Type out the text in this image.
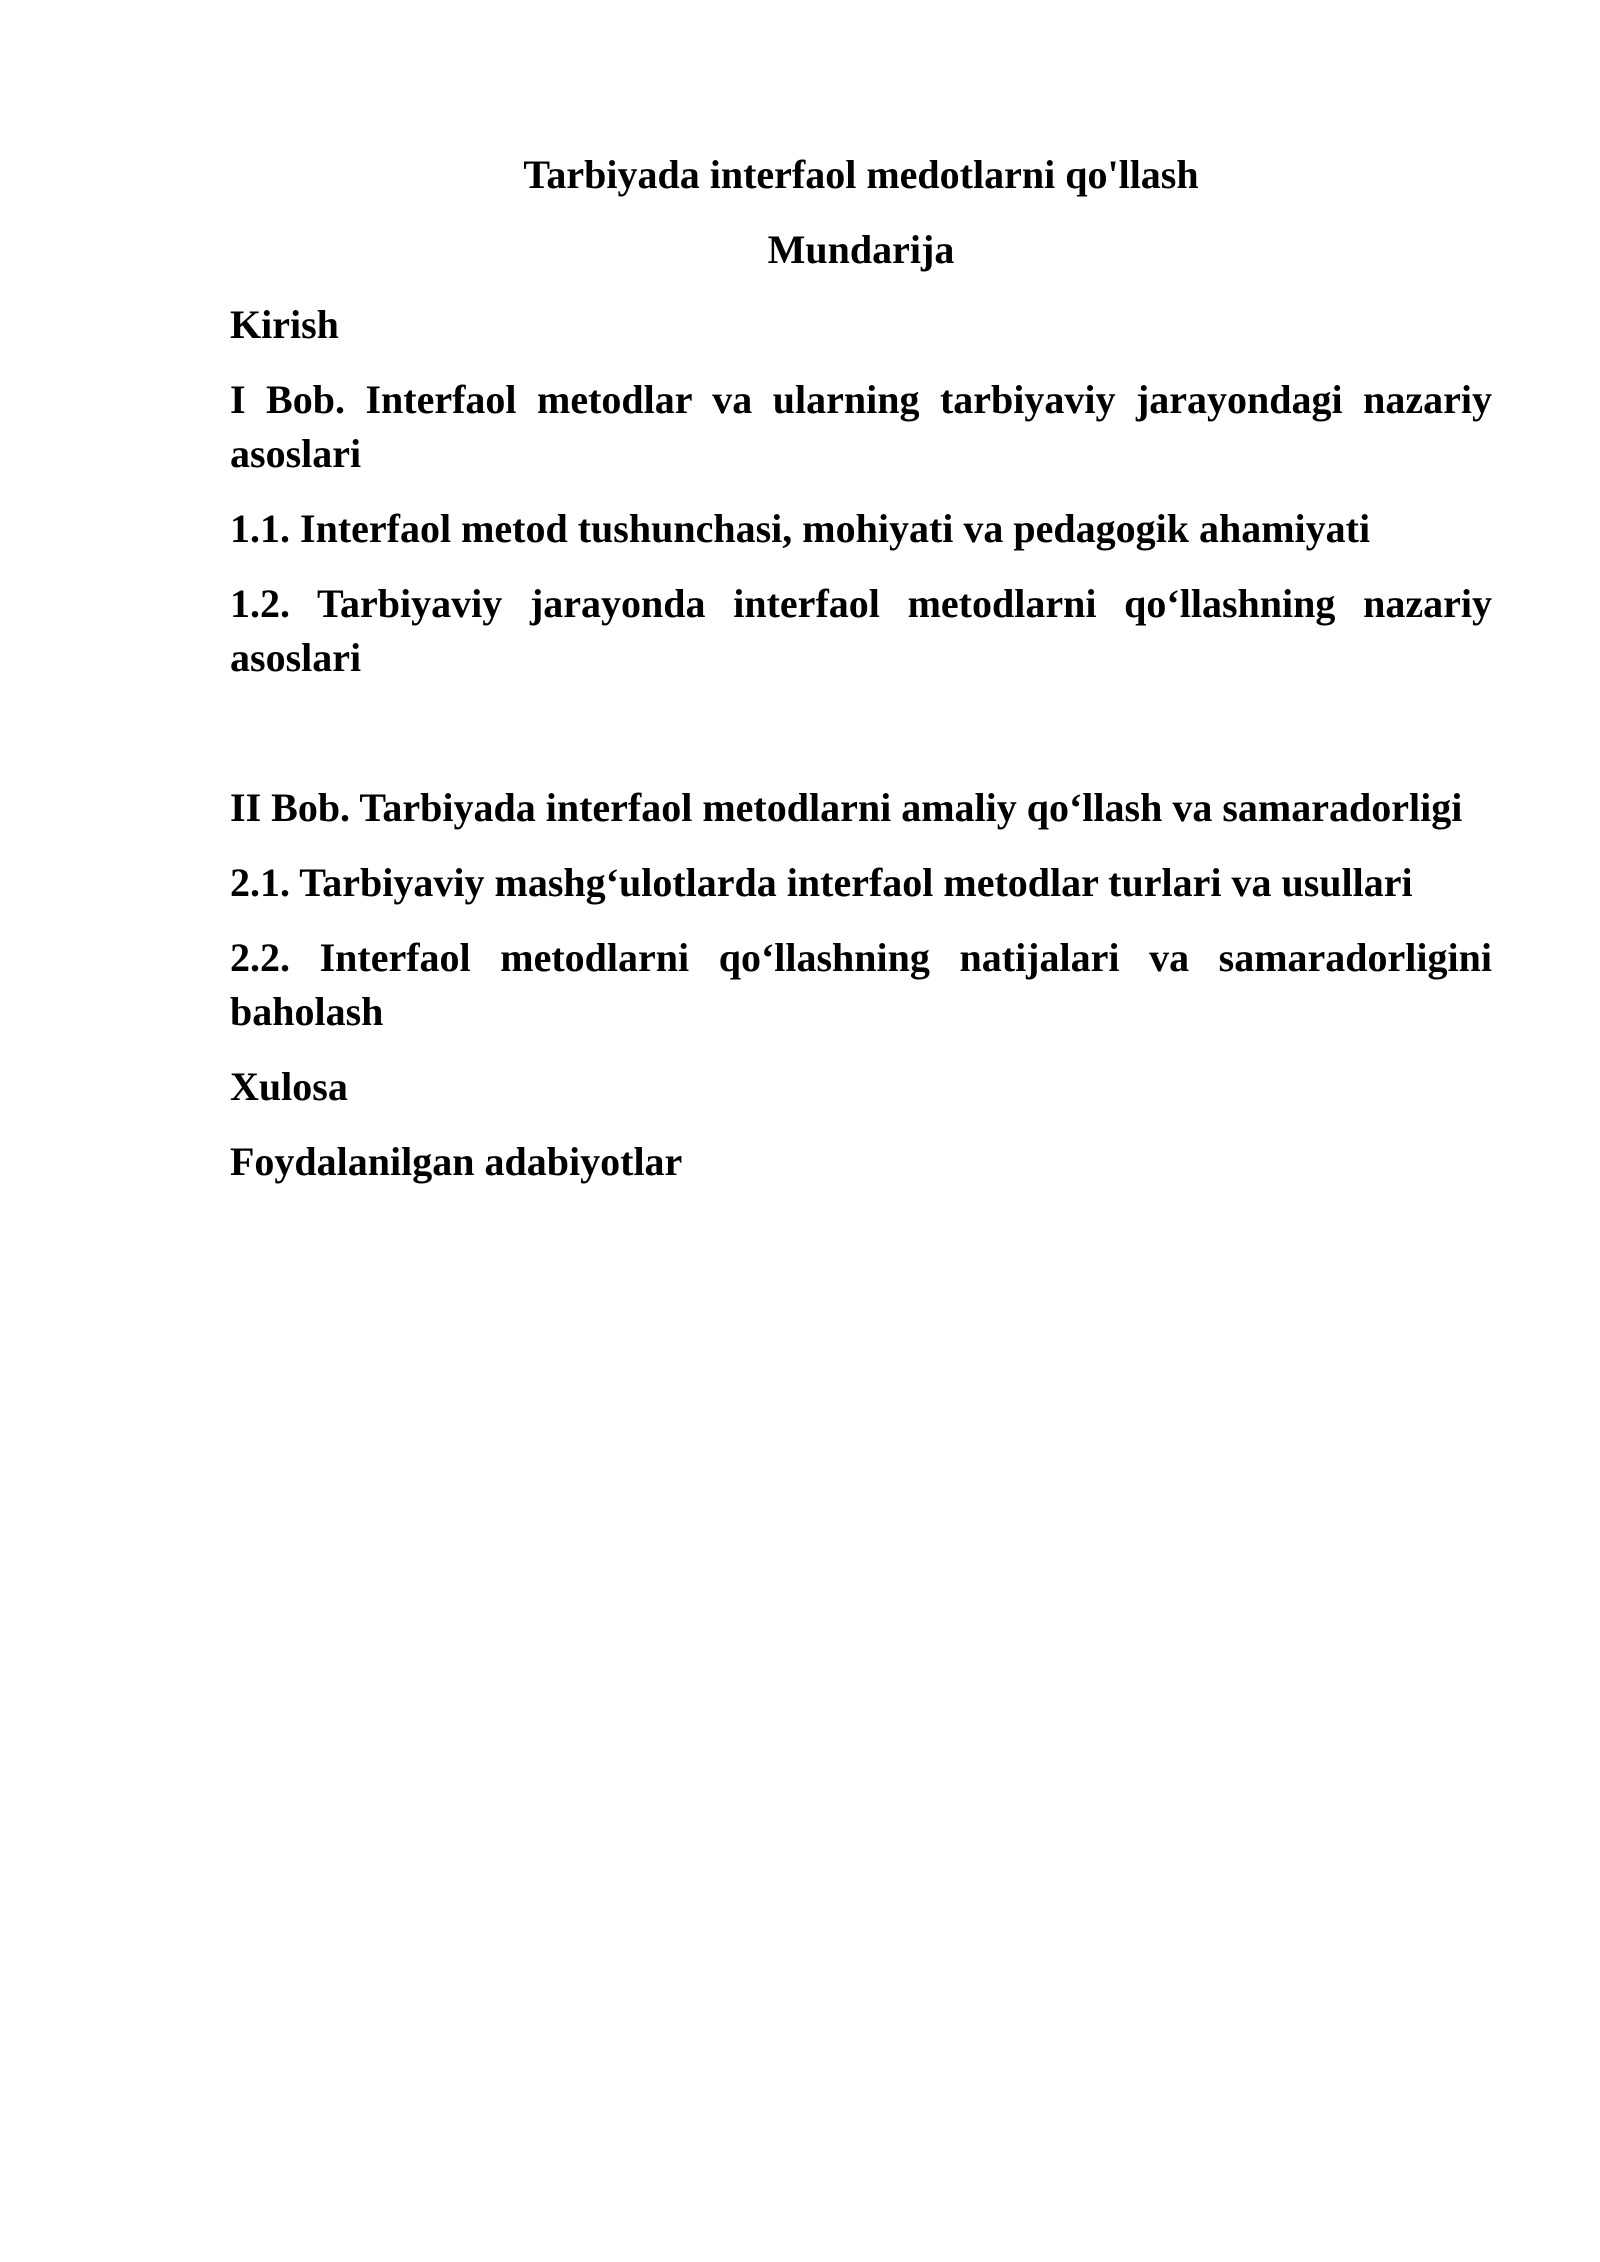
Tarbiyada interfaol medotlarni qo'llash

Mundarija

Kirish

I Bob. Interfaol metodlar va ularning tarbiyaviy jarayondagi nazariy asoslari

1.1. Interfaol metod tushunchasi, mohiyati va pedagogik ahamiyati

1.2. Tarbiyaviy jarayonda interfaol metodlarni qo‘llashning nazariy asoslari

II Bob. Tarbiyada interfaol metodlarni amaliy qo‘llash va samaradorligi

2.1. Tarbiyaviy mashg‘ulotlarda interfaol metodlar turlari va usullari

2.2. Interfaol metodlarni qo‘llashning natijalari va samaradorligini baholash

Xulosa

Foydalanilgan adabiyotlar
